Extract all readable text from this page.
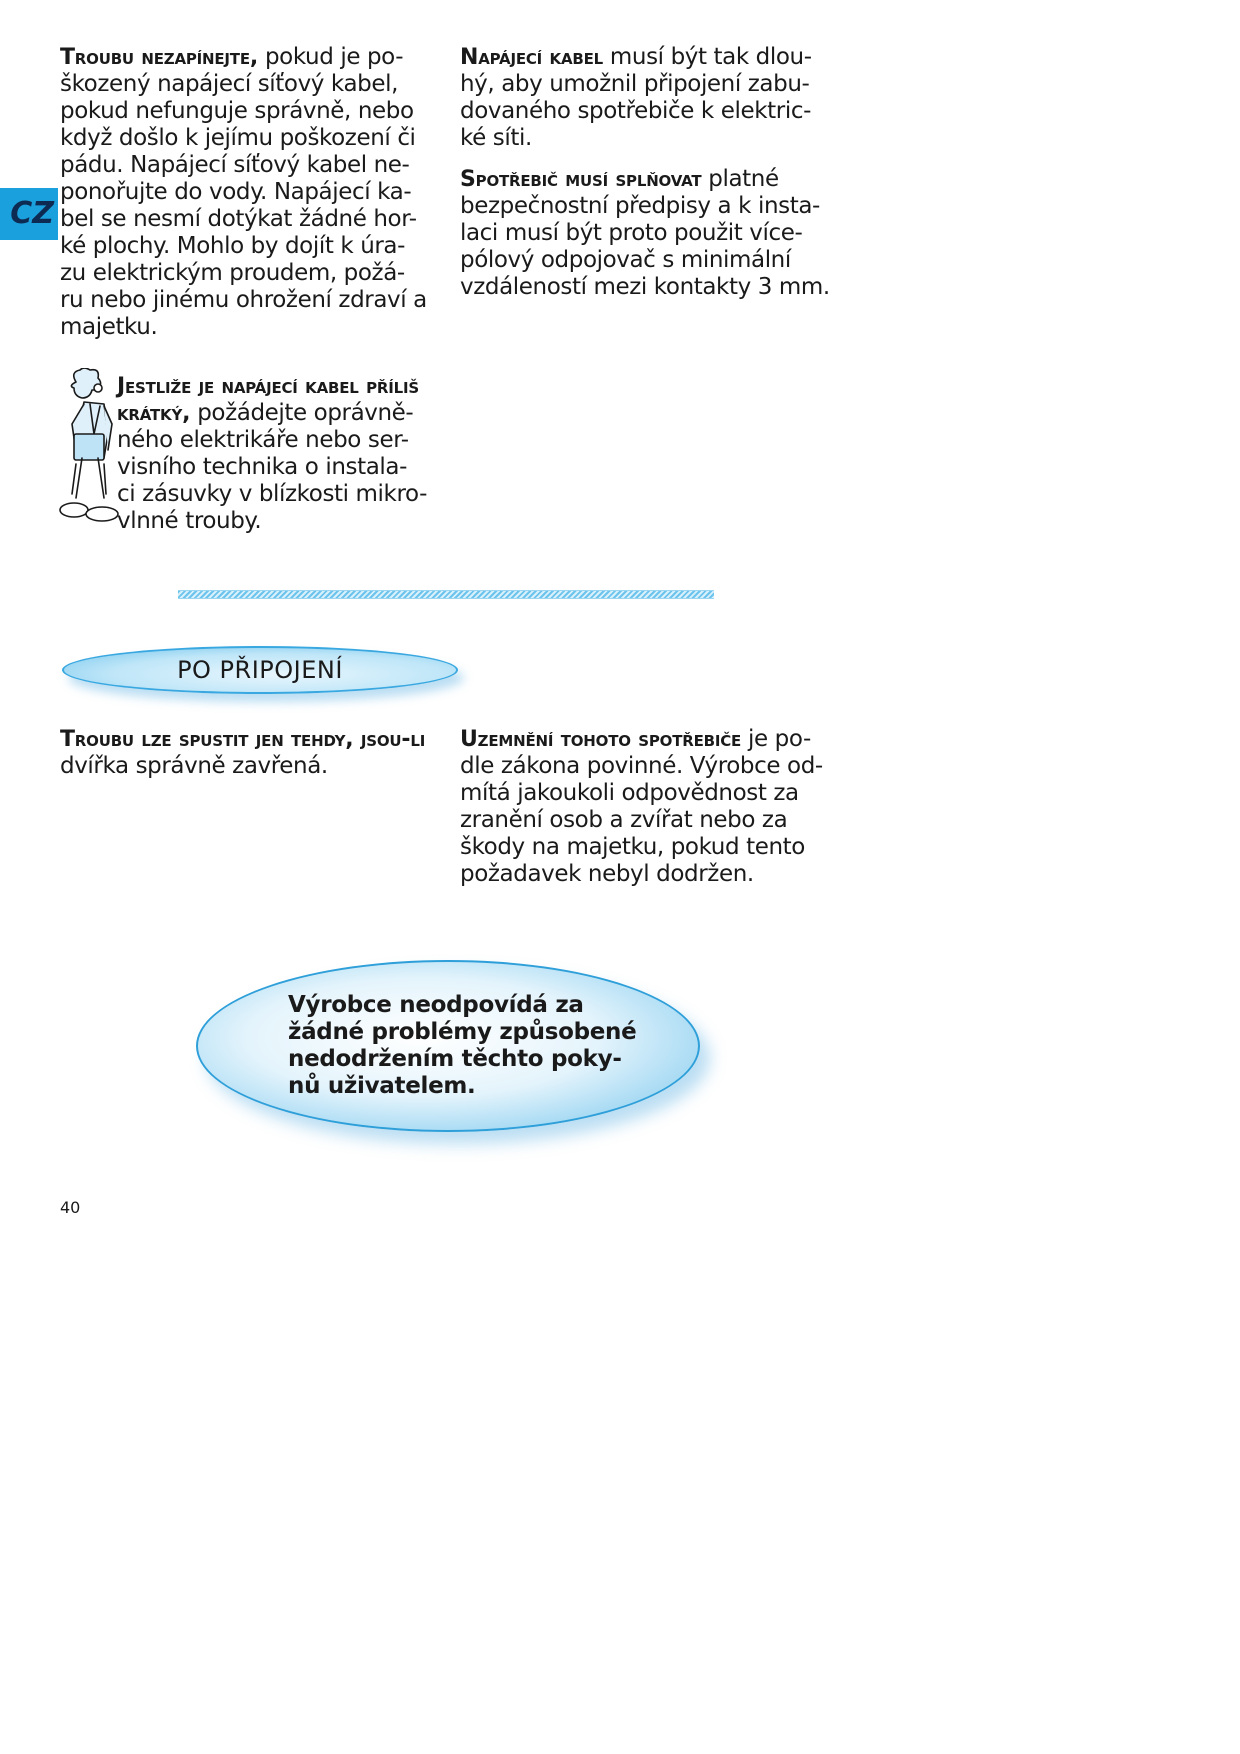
CZ
Troubu nezapínejte, pokud je po-
škozený napájecí síťový kabel,
pokud nefunguje správně, nebo
když došlo k jejímu poškození či
pádu. Napájecí síťový kabel ne-
ponořujte do vody. Napájecí ka-
bel se nesmí dotýkat žádné hor-
ké plochy. Mohlo by dojít k úra-
zu elektrickým proudem, požá-
ru nebo jinému ohrožení zdraví a
majetku.
Napájecí kabel musí být tak dlou-
hý, aby umožnil připojení zabu-
dovaného spotřebiče k elektric-
ké síti.
Spotřebič musí splňovat platné
bezpečnostní předpisy a k insta-
laci musí být proto použit více-
pólový odpojovač s minimální
vzdáleností mezi kontakty 3 mm.
Jestliže je napájecí kabel příliš
krátký, požádejte oprávně-
ného elektrikáře nebo ser-
visního technika o instala-
ci zásuvky v blízkosti mikro-
vlnné trouby.
PO PŘIPOJENÍ
Troubu lze spustit jen tehdy, jsou-li
dvířka správně zavřená.
Uzemnění tohoto spotřebiče je po-
dle zákona povinné. Výrobce od-
mítá jakoukoli odpovědnost za
zranění osob a zvířat nebo za
škody na majetku, pokud tento
požadavek nebyl dodržen.
Výrobce neodpovídá za
žádné problémy způsobené
nedodržením těchto poky-
nů uživatelem.
40
